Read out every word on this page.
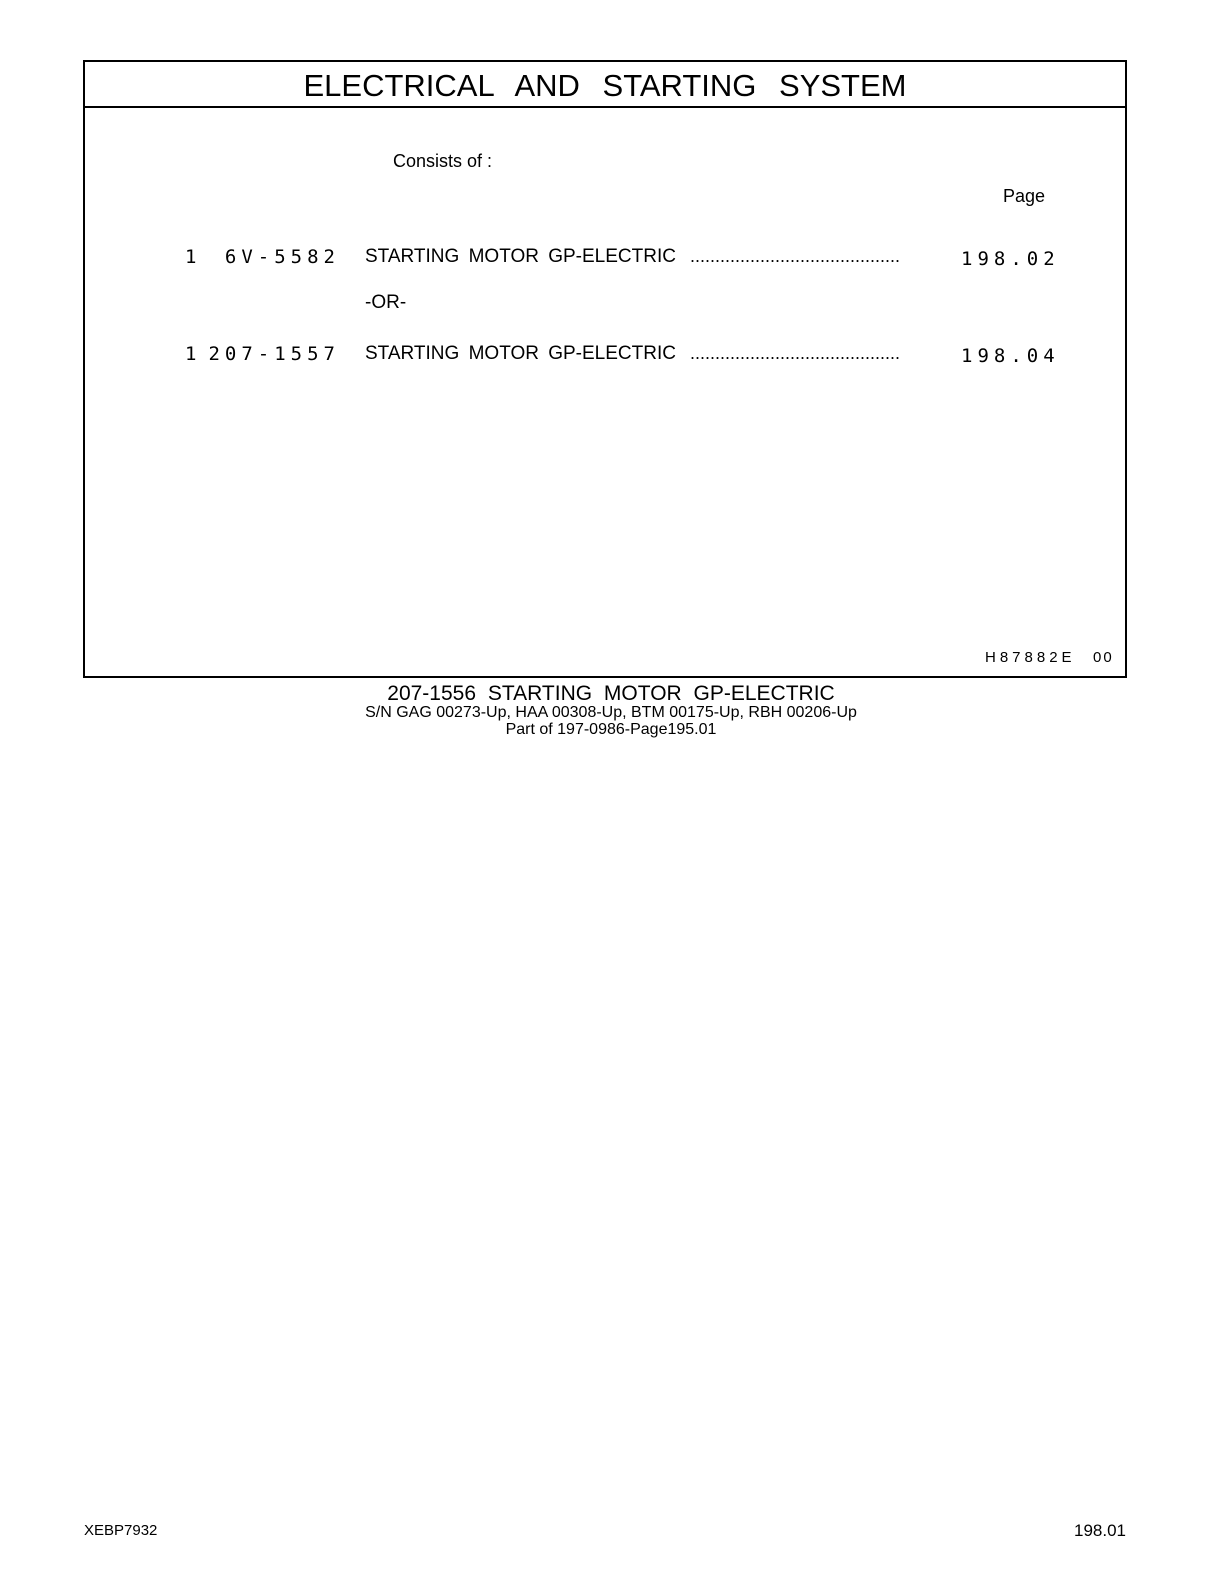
ELECTRICAL AND STARTING SYSTEM
Consists of :
Page
1	6V-5582 STARTING MOTOR GP-ELECTRIC ..........................................	198.02
-OR-
1 207-1557 STARTING MOTOR GP-ELECTRIC ..........................................	198.04
H87882E 00
207-1556 STARTING MOTOR GP-ELECTRIC
S/N GAG 00273-Up, HAA 00308-Up, BTM 00175-Up, RBH 00206-Up
Part of 197-0986-Page195.01
XEBP7932	198.01
